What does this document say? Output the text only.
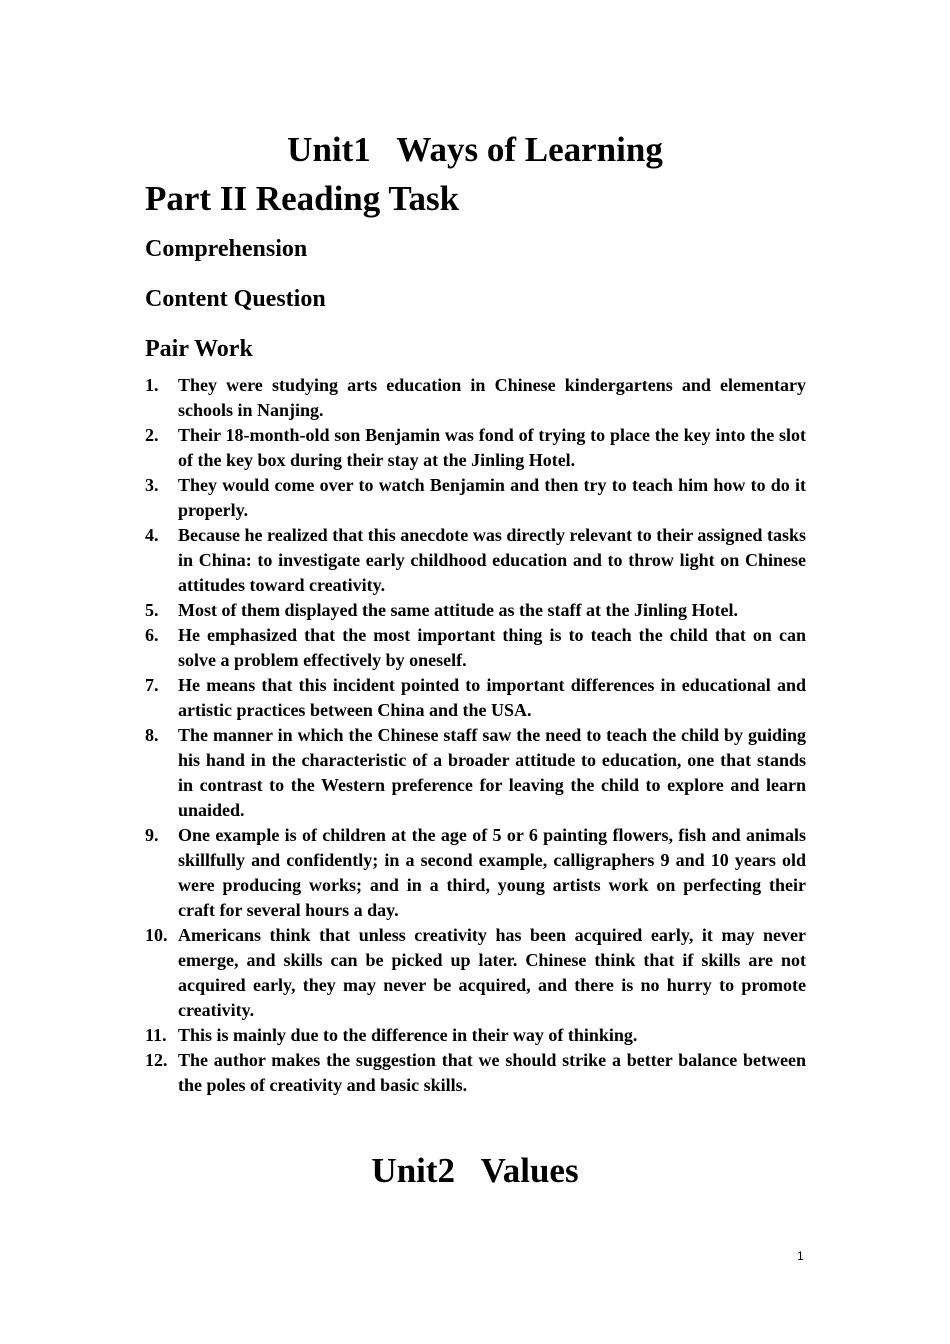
Unit1   Ways of Learning
Part II Reading Task
Comprehension
Content Question
Pair Work
1. They were studying arts education in Chinese kindergartens and elementary schools in Nanjing.
2. Their 18-month-old son Benjamin was fond of trying to place the key into the slot of the key box during their stay at the Jinling Hotel.
3. They would come over to watch Benjamin and then try to teach him how to do it properly.
4. Because he realized that this anecdote was directly relevant to their assigned tasks in China: to investigate early childhood education and to throw light on Chinese attitudes toward creativity.
5. Most of them displayed the same attitude as the staff at the Jinling Hotel.
6. He emphasized that the most important thing is to teach the child that on can solve a problem effectively by oneself.
7. He means that this incident pointed to important differences in educational and artistic practices between China and the USA.
8. The manner in which the Chinese staff saw the need to teach the child by guiding his hand in the characteristic of a broader attitude to education, one that stands in contrast to the Western preference for leaving the child to explore and learn unaided.
9. One example is of children at the age of 5 or 6 painting flowers, fish and animals skillfully and confidently; in a second example, calligraphers 9 and 10 years old were producing works; and in a third, young artists work on perfecting their craft for several hours a day.
10. Americans think that unless creativity has been acquired early, it may never emerge, and skills can be picked up later. Chinese think that if skills are not acquired early, they may never be acquired, and there is no hurry to promote creativity.
11. This is mainly due to the difference in their way of thinking.
12. The author makes the suggestion that we should strike a better balance between the poles of creativity and basic skills.
Unit2   Values
1
